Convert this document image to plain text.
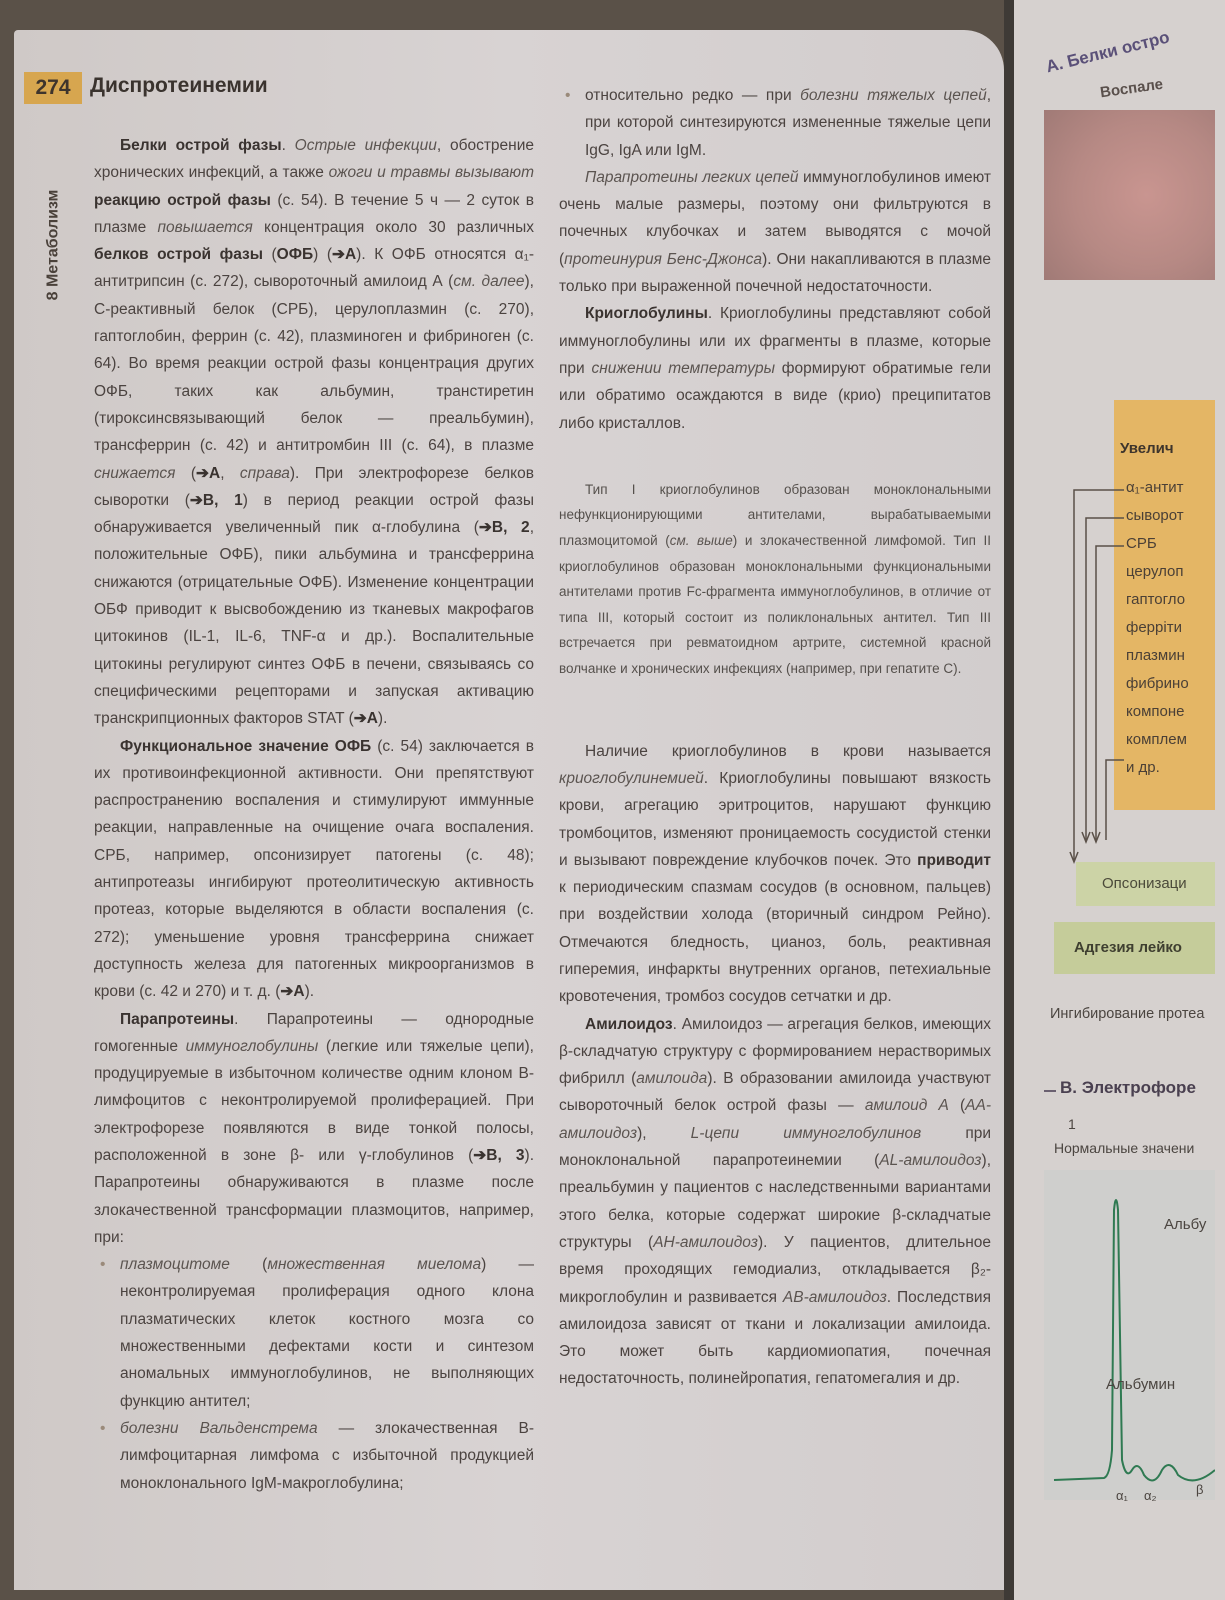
274 Диспротеинемии
8 Метаболизм

Белки острой фазы. Острые инфекции, обострение хронических инфекций, а также ожоги и травмы вызывают реакцию острой фазы (с. 54). В течение 5 ч — 2 суток в плазме повышается концентрация около 30 различных белков острой фазы (ОФБ) (➔А). К ОФБ относятся α₁-антитрипсин (с. 272), сывороточный амилоид А (см. далее), С-реактивный белок (СРБ), церулоплазмин (с. 270), гаптоглобин, феррин (с. 42), плазминоген и фибриноген (с. 64). Во время реакции острой фазы концентрация других ОФБ, таких как альбумин, транстиретин (тироксинсвязывающий белок — преальбумин), трансферрин (с. 42) и антитромбин III (с. 64), в плазме снижается (➔А, справа). При электрофорезе белков сыворотки (➔В, 1) в период реакции острой фазы обнаруживается увеличенный пик α-глобулина (➔В, 2, положительные ОФБ), пики альбумина и трансферрина снижаются (отрицательные ОФБ). Изменение концентрации ОБФ приводит к высвобождению из тканевых макрофагов цитокинов (IL-1, IL-6, TNF-α и др.). Воспалительные цитокины регулируют синтез ОФБ в печени, связываясь со специфическими рецепторами и запуская активацию транскрипционных факторов STAT (➔А).

Функциональное значение ОФБ (с. 54) заключается в их противоинфекционной активности. Они препятствуют распространению воспаления и стимулируют иммунные реакции, направленные на очищение очага воспаления. СРБ, например, опсонизирует патогены (с. 48); антипротеазы ингибируют протеолитическую активность протеаз, которые выделяются в области воспаления (с. 272); уменьшение уровня трансферрина снижает доступность железа для патогенных микроорганизмов в крови (с. 42 и 270) и т. д. (➔А).

Парапротеины. Парапротеины — однородные гомогенные иммуноглобулины (легкие или тяжелые цепи), продуцируемые в избыточном количестве одним клоном В-лимфоцитов с неконтролируемой пролиферацией. При электрофорезе появляются в виде тонкой полосы, расположенной в зоне β- или γ-глобулинов (➔В, 3). Парапротеины обнаруживаются в плазме после злокачественной трансформации плазмоцитов, например, при:

• плазмоцитоме (множественная миелома) — неконтролируемая пролиферация одного клона плазматических клеток костного мозга со множественными дефектами кости и синтезом аномальных иммуноглобулинов, не выполняющих функцию антител;
• болезни Вальденстрема — злокачественная В-лимфоцитарная лимфома с избыточной продукцией моноклонального IgM-макроглобулина;
• относительно редко — при болезни тяжелых цепей, при которой синтезируются измененные тяжелые цепи IgG, IgA или IgM.

Парапротеины легких цепей иммуноглобулинов имеют очень малые размеры, поэтому они фильтруются в почечных клубочках и затем выводятся с мочой (протеинурия Бенс-Джонса). Они накапливаются в плазме только при выраженной почечной недостаточности.

Криоглобулины. Криоглобулины представляют собой иммуноглобулины или их фрагменты в плазме, которые при снижении температуры формируют обратимые гели или обратимо осаждаются в виде (крио) преципитатов либо кристаллов.

Тип I криоглобулинов образован моноклональными нефункционирующими антителами, вырабатываемыми плазмоцитомой (см. выше) и злокачественной лимфомой. Тип II криоглобулинов образован моноклональными функциональными антителами против Fc-фрагмента иммуноглобулинов, в отличие от типа III, который состоит из поликлональных антител. Тип III встречается при ревматоидном артрите, системной красной волчанке и хронических инфекциях (например, при гепатите С).

Наличие криоглобулинов в крови называется криоглобулинемией. Криоглобулины повышают вязкость крови, агрегацию эритроцитов, нарушают функцию тромбоцитов, изменяют проницаемость сосудистой стенки и вызывают повреждение клубочков почек. Это приводит к периодическим спазмам сосудов (в основном, пальцев) при воздействии холода (вторичный синдром Рейно). Отмечаются бледность, цианоз, боль, реактивная гиперемия, инфаркты внутренних органов, петехиальные кровотечения, тромбоз сосудов сетчатки и др.

Амилоидоз. Амилоидоз — агрегация белков, имеющих β-складчатую структуру с формированием нерастворимых фибрилл (амилоида). В образовании амилоида участвуют сывороточный белок острой фазы — амилоид А (АА-амилоидоз), L-цепи иммуноглобулинов при моноклональной парапротеинемии (AL-амилоидоз), преальбумин у пациентов с наследственными вариантами этого белка, которые содержат широкие β-складчатые структуры (АН-амилоидоз). У пациентов, длительное время проходящих гемодиализ, откладывается β₂-микроглобулин и развивается АВ-амилоидоз. Последствия амилоидоза зависят от ткани и локализации амилоида. Это может быть кардиомиопатия, почечная недостаточность, полинейропатия, гепатомегалия и др.

А. Белки остро
Воспале
Увелич
α₁-антит
сыворот
СРБ
церулоп
гаптогло
ферріти
плазмин
фибрино
компоне
комплем
и др.
Опсонизаци
Адгезия лейко
Ингибирование протеа
В. Электрофоре
1
Нормальные значени
Альбу
Альбумин
α₁ α₂	β
